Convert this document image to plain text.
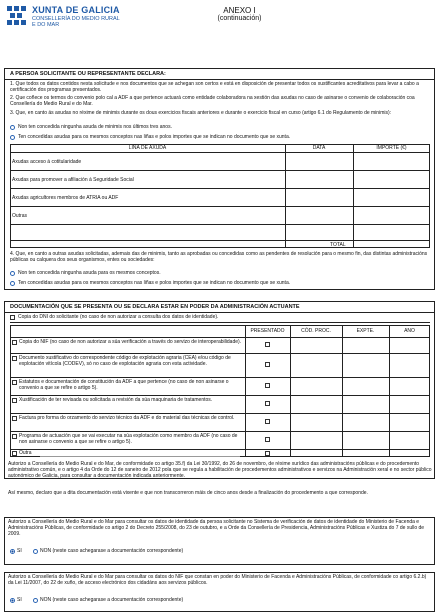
XUNTA DE GALICIA
CONSELLERÍA DO MEDIO RURAL
E DO MAR
ANEXO I
(continuación)
A PERSOA SOLICITANTE OU REPRESENTANTE DECLARA:
1. Que todos os datos contidos nesta solicitude e nos documentos que se achegan son certos e está en disposición de presentar todos os xustificantes acreditativos para levar a cabo a certificación dos programas presentados.
2. Que coñece os termos do convenio polo cal a ADF a que pertence actuará como entidade colaboradora na xestión das axudas no caso de asinarse o convenio de colaboración coa Consellería do Medio Rural e do Mar.
3. Que, en canto ás axudas no réxime de minimis durante os dous exercicios fiscais anteriores e durante o exercicio fiscal en curso (artigo 6.1 do Regulamento de minimis):
Non ten concedida ningunha axuda de minimis nos últimos tres anos.
Ten concedidas axudas para os mesmos conceptos nas liñas e polos importes que se indican no documento que se xunta.
LIÑA DE AXUDA	DATA	IMPORTE (€)
Axudas acceso á cotitularidade
Axudas para promover a afiliación á Seguridade Social
Axudas agricultores membros de ATRIA ou ADF
Outras
TOTAL
4. Que, en canto a outras axudas solicitadas, ademais das de minimis, tanto as aprobadas ou concedidas como as pendentes de resolución para o mesmo fin, das distintas administracións públicas ou calquera dos seus organismos, entes ou sociedades:
Non ten concedida ningunha axuda para os mesmos conceptos.
Ten concedidas axudas para os mesmos conceptos nas liñas e polos importes que se indican no documento que se xunta.
DOCUMENTACIÓN QUE SE PRESENTA OU SE DECLARA ESTAR EN PODER DA ADMINISTRACIÓN ACTUANTE
Copia do DNI do solicitante (no caso de non autorizar a consulta dos datos de identidade).
PRESENTADO	CÓD. PROC.	EXPTE.	ANO
Copia do NIF (no caso de non autorizar a súa verificación a través do servizo de interoperabilidade).
Documento xustificativo do correspondente código de explotación agraria (CEA) e/ou código de explotación vitícola (CODEV), só no caso de explotación agraria con esta actividade.
Estatutos e documentación de constitución da ADF a que pertence (no caso de non asinarse o convenio a que se refire o artigo 5).
Xustificación de ter revisada ou solicitada a revisión da súa maquinaria de tratamentos.
Factura pro forma do orzamento do servizo técnico da ADF e do material das técnicas de control.
Programa de actuación que se vai executar na súa explotación como membro da ADF (no caso de non asinarse o convenio a que se refire o artigo 5).
Outra
Autorizo a Consellería do Medio Rural e do Mar, de conformidade co artigo 35.f) da Lei 30/1992, do 26 de novembro, de réxime xurídico das administracións públicas e do procedemento administrativo común, e o artigo 4 da Orde do 12 de xaneiro de 2012 pola que se regula a habilitación de procedementos administrativos e servizos na Administración xeral e no sector público autonómico de Galicia, para consultar a documentación indicada anteriormente.
Así mesmo, declaro que a dita documentación está vixente e que non transcorreron máis de cinco anos desde a finalización do procedemento a que corresponde.
Autorizo a Consellería do Medio Rural e do Mar para consultar os datos de identidade da persoa solicitante no Sistema de verificación de datos de identidade do Ministerio de Facenda e Administracións Públicas, de conformidade co artigo 2 do Decreto 255/2008, do 23 de outubro, e a Orde da Consellería de Presidencia, Administracións Públicas e Xustiza do 7 de xullo de 2009.
SI	NON (neste caso achegarase a documentación correspondente)
Autorizo a Consellería do Medio Rural e do Mar para consultar os datos do NIF que constan en poder do Ministerio de Facenda e Administracións Públicas, de conformidade co artigo 6.2.b) da Lei 11/2007, do 22 de xuño, de acceso electrónico dos cidadáns aos servizos públicos.
SI	NON (neste caso achegarase a documentación correspondente)
